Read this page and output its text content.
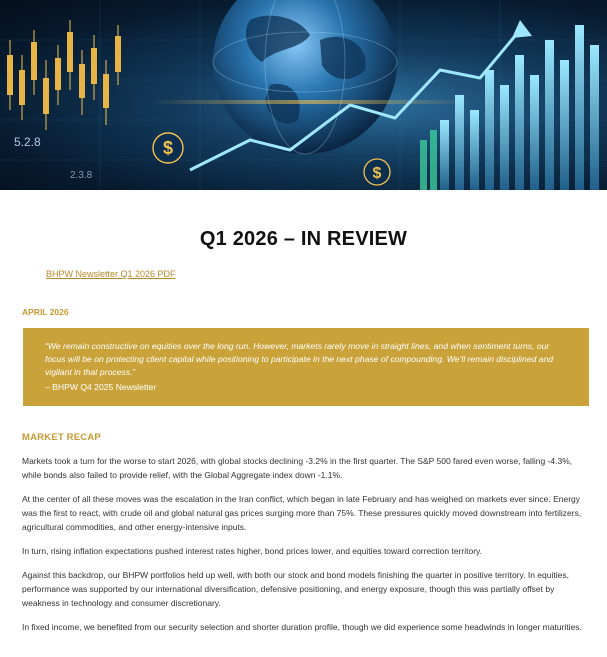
5.2.8
2.3.8
$
$
Q1 2026 – IN REVIEW
BHPW Newsletter Q1 2026 PDF
APRIL 2026

“We remain constructive on equities over the long run. However, markets rarely move in straight lines, and when sentiment turns, our focus will be on protecting client capital while positioning to participate in the next phase of compounding. We’ll remain disciplined and vigilant in that process.”

– BHPW Q4 2025 Newsletter

MARKET RECAP

Markets took a turn for the worse to start 2026, with global stocks declining -3.2% in the first quarter. The S&P 500 fared even worse, falling -4.3%, while bonds also failed to provide relief, with the Global Aggregate index down -1.1%.

At the center of all these moves was the escalation in the Iran conflict, which began in late February and has weighed on markets ever since. Energy was the first to react, with crude oil and global natural gas prices surging more than 75%. These pressures quickly moved downstream into fertilizers, agricultural commodities, and other energy-intensive inputs.

In turn, rising inflation expectations pushed interest rates higher, bond prices lower, and equities toward correction territory.

Against this backdrop, our BHPW portfolios held up well, with both our stock and bond models finishing the quarter in positive territory. In equities, performance was supported by our international diversification, defensive positioning, and energy exposure, though this was partially offset by weakness in technology and consumer discretionary.

In fixed income, we benefited from our security selection and shorter duration profile, though we did experience some headwinds in longer maturities.
